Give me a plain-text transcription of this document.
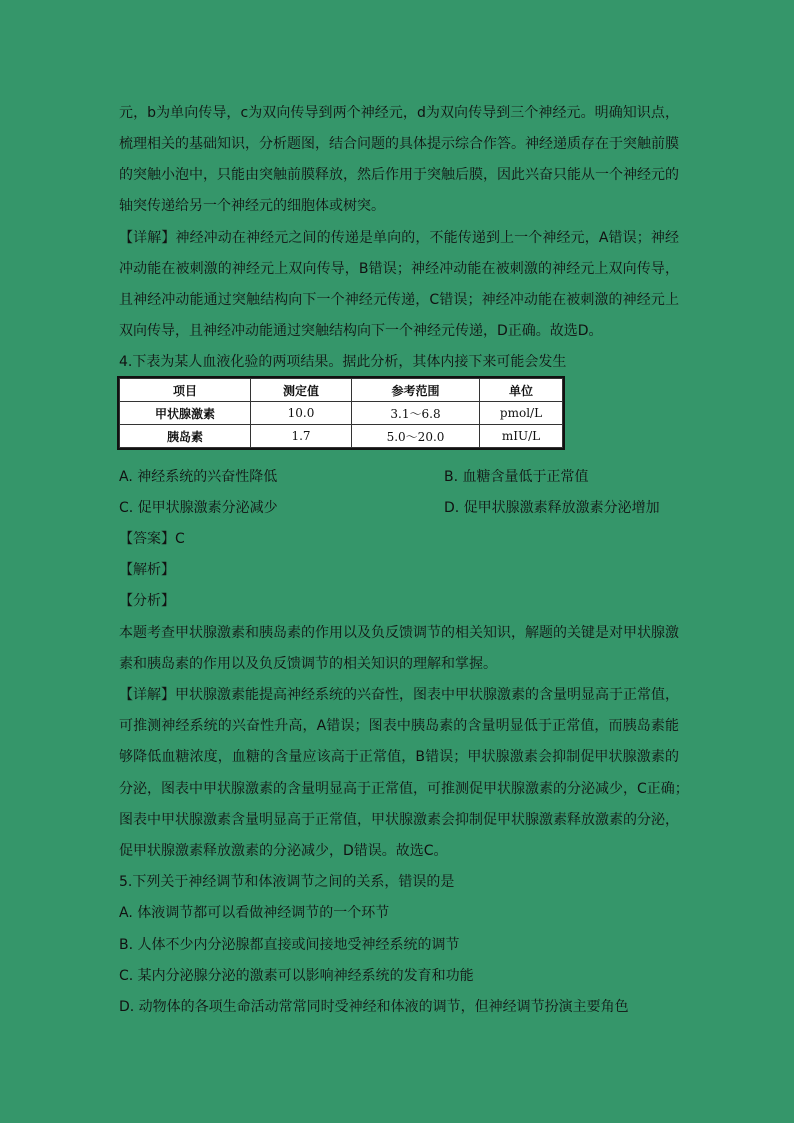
元，b为单向传导，c为双向传导到两个神经元，d为双向传导到三个神经元。明确知识点，
梳理相关的基础知识，分析题图，结合问题的具体提示综合作答。神经递质存在于突触前膜
的突触小泡中，只能由突触前膜释放，然后作用于突触后膜，因此兴奋只能从一个神经元的
轴突传递给另一个神经元的细胞体或树突。
【详解】神经冲动在神经元之间的传递是单向的，不能传递到上一个神经元，A错误；神经
冲动能在被刺激的神经元上双向传导，B错误；神经冲动能在被刺激的神经元上双向传导，
且神经冲动能通过突触结构向下一个神经元传递，C错误；神经冲动能在被刺激的神经元上
双向传导，且神经冲动能通过突触结构向下一个神经元传递，D正确。故选D。
4.下表为某人血液化验的两项结果。据此分析，其体内接下来可能会发生
项目	测定值	参考范围	单位
甲状腺激素	10.0	3.1～6.8	pmol/L
胰岛素	1.7	5.0～20.0	mIU/L
A. 神经系统的兴奋性降低	B. 血糖含量低于正常值
C. 促甲状腺激素分泌减少	D. 促甲状腺激素释放激素分泌增加
【答案】C
【解析】
【分析】
本题考查甲状腺激素和胰岛素的作用以及负反馈调节的相关知识，解题的关键是对甲状腺激
素和胰岛素的作用以及负反馈调节的相关知识的理解和掌握。
【详解】甲状腺激素能提高神经系统的兴奋性，图表中甲状腺激素的含量明显高于正常值，
可推测神经系统的兴奋性升高，A错误；图表中胰岛素的含量明显低于正常值，而胰岛素能
够降低血糖浓度，血糖的含量应该高于正常值，B错误；甲状腺激素会抑制促甲状腺激素的
分泌，图表中甲状腺激素的含量明显高于正常值，可推测促甲状腺激素的分泌减少，C正确；
图表中甲状腺激素含量明显高于正常值，甲状腺激素会抑制促甲状腺激素释放激素的分泌，
促甲状腺激素释放激素的分泌减少，D错误。故选C。
5.下列关于神经调节和体液调节之间的关系，错误的是
A. 体液调节都可以看做神经调节的一个环节
B. 人体不少内分泌腺都直接或间接地受神经系统的调节
C. 某内分泌腺分泌的激素可以影响神经系统的发育和功能
D. 动物体的各项生命活动常常同时受神经和体液的调节，但神经调节扮演主要角色
